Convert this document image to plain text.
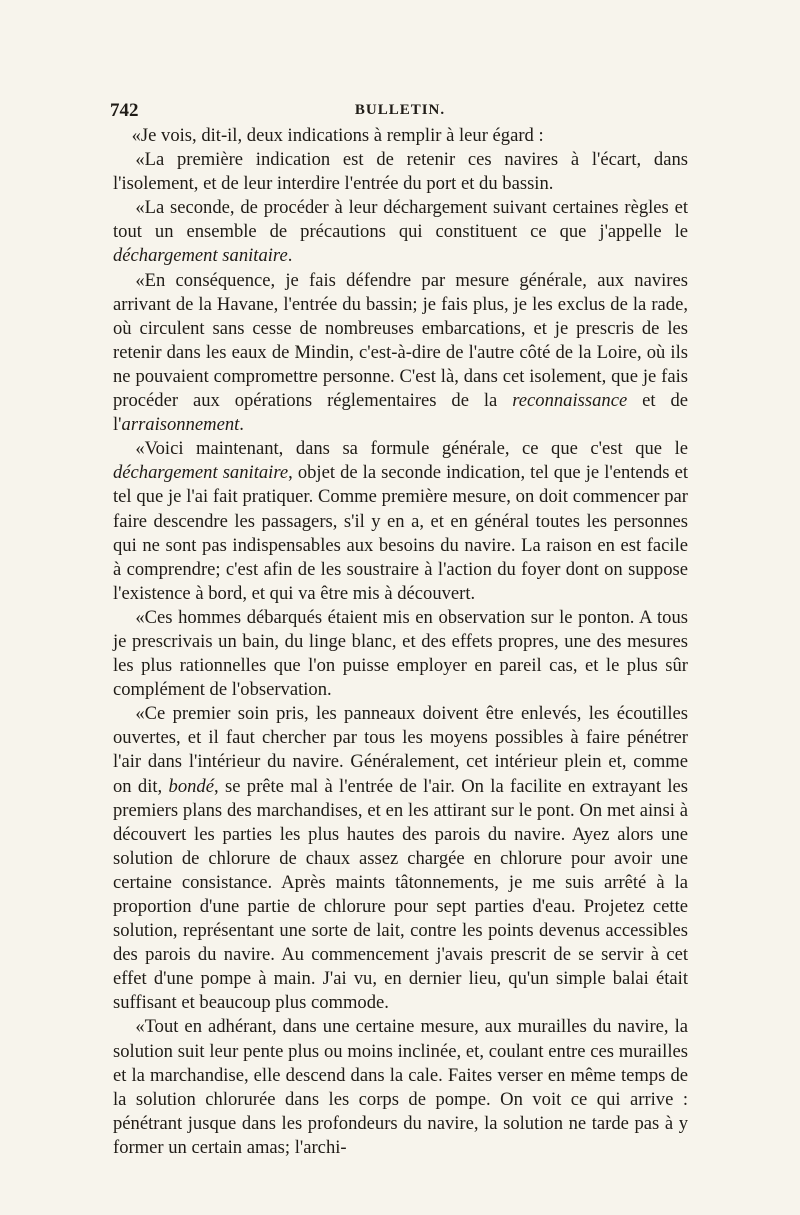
742	BULLETIN.

«Je vois, dit-il, deux indications à remplir à leur égard :

«La première indication est de retenir ces navires à l'écart, dans l'isolement, et de leur interdire l'entrée du port et du bassin.

«La seconde, de procéder à leur déchargement suivant certaines règles et tout un ensemble de précautions qui constituent ce que j'appelle le déchargement sanitaire.

«En conséquence, je fais défendre par mesure générale, aux navires arrivant de la Havane, l'entrée du bassin; je fais plus, je les exclus de la rade, où circulent sans cesse de nombreuses embarcations, et je prescris de les retenir dans les eaux de Mindin, c'est-à-dire de l'autre côté de la Loire, où ils ne pouvaient compromettre personne. C'est là, dans cet isolement, que je fais procéder aux opérations réglementaires de la reconnaissance et de l'arraisonnement.

«Voici maintenant, dans sa formule générale, ce que c'est que le déchargement sanitaire, objet de la seconde indication, tel que je l'entends et tel que je l'ai fait pratiquer. Comme première mesure, on doit commencer par faire descendre les passagers, s'il y en a, et en général toutes les personnes qui ne sont pas indispensables aux besoins du navire. La raison en est facile à comprendre; c'est afin de les soustraire à l'action du foyer dont on suppose l'existence à bord, et qui va être mis à découvert.

«Ces hommes débarqués étaient mis en observation sur le ponton. A tous je prescrivais un bain, du linge blanc, et des effets propres, une des mesures les plus rationnelles que l'on puisse employer en pareil cas, et le plus sûr complément de l'observation.

«Ce premier soin pris, les panneaux doivent être enlevés, les écoutilles ouvertes, et il faut chercher par tous les moyens possibles à faire pénétrer l'air dans l'intérieur du navire. Généralement, cet intérieur plein et, comme on dit, bondé, se prête mal à l'entrée de l'air. On la facilite en extrayant les premiers plans des marchandises, et en les attirant sur le pont. On met ainsi à découvert les parties les plus hautes des parois du navire. Ayez alors une solution de chlorure de chaux assez chargée en chlorure pour avoir une certaine consistance. Après maints tâtonnements, je me suis arrêté à la proportion d'une partie de chlorure pour sept parties d'eau. Projetez cette solution, représentant une sorte de lait, contre les points devenus accessibles des parois du navire. Au commencement j'avais prescrit de se servir à cet effet d'une pompe à main. J'ai vu, en dernier lieu, qu'un simple balai était suffisant et beaucoup plus commode.

«Tout en adhérant, dans une certaine mesure, aux murailles du navire, la solution suit leur pente plus ou moins inclinée, et, coulant entre ces murailles et la marchandise, elle descend dans la cale. Faites verser en même temps de la solution chlorurée dans les corps de pompe. On voit ce qui arrive : pénétrant jusque dans les profondeurs du navire, la solution ne tarde pas à y former un certain amas; l'archi-
